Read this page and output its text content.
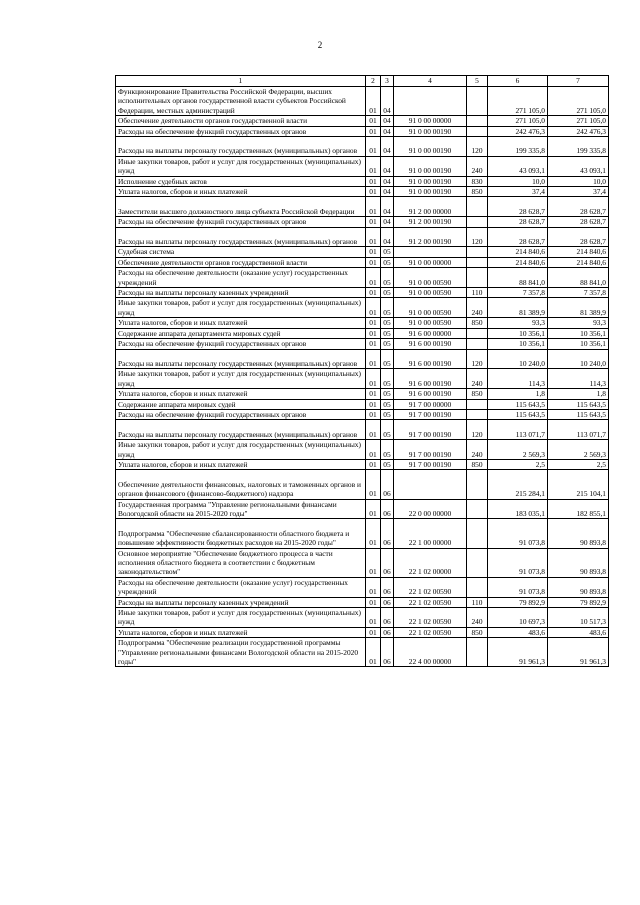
2
1	2	3	4	5	6	7
Функционирование Правительства Российской Федерации, высших исполнительных органов государственной власти субъектов Российской Федерации, местных администраций	01	04			271 105,0	271 105,0
Обеспечение деятельности органов государственной власти	01	04	91 0 00 00000		271 105,0	271 105,0
Расходы на обеспечение функций государственных органов	01	04	91 0 00 00190		242 476,3	242 476,3
Расходы на выплаты персоналу государственных (муниципальных) органов	01	04	91 0 00 00190	120	199 335,8	199 335,8
Иные закупки товаров, работ и услуг для государственных (муниципальных) нужд	01	04	91 0 00 00190	240	43 093,1	43 093,1
Исполнение судебных актов	01	04	91 0 00 00190	830	10,0	10,0
Уплата налогов, сборов и иных платежей	01	04	91 0 00 00190	850	37,4	37,4
Заместители высшего должностного лица субъекта Российской Федерации	01	04	91 2 00 00000		28 628,7	28 628,7
Расходы на обеспечение функций государственных органов	01	04	91 2 00 00190		28 628,7	28 628,7
Расходы на выплаты персоналу государственных (муниципальных) органов	01	04	91 2 00 00190	120	28 628,7	28 628,7
Судебная система	01	05			214 840,6	214 840,6
Обеспечение деятельности органов государственной власти	01	05	91 0 00 00000		214 840,6	214 840,6
Расходы на обеспечение деятельности (оказание услуг) государственных учреждений	01	05	91 0 00 00590		88 841,0	88 841,0
Расходы на выплаты персоналу казенных учреждений	01	05	91 0 00 00590	110	7 357,8	7 357,8
Иные закупки товаров, работ и услуг для государственных (муниципальных) нужд	01	05	91 0 00 00590	240	81 389,9	81 389,9
Уплата налогов, сборов и иных платежей	01	05	91 0 00 00590	850	93,3	93,3
Содержание аппарата департамента мировых судей	01	05	91 6 00 00000		10 356,1	10 356,1
Расходы на обеспечение функций государственных органов	01	05	91 6 00 00190		10 356,1	10 356,1
Расходы на выплаты персоналу государственных (муниципальных) органов	01	05	91 6 00 00190	120	10 240,0	10 240,0
Иные закупки товаров, работ и услуг для государственных (муниципальных) нужд	01	05	91 6 00 00190	240	114,3	114,3
Уплата налогов, сборов и иных платежей	01	05	91 6 00 00190	850	1,8	1,8
Содержание аппарата мировых судей	01	05	91 7 00 00000		115 643,5	115 643,5
Расходы на обеспечение функций государственных органов	01	05	91 7 00 00190		115 643,5	115 643,5
Расходы на выплаты персоналу государственных (муниципальных) органов	01	05	91 7 00 00190	120	113 071,7	113 071,7
Иные закупки товаров, работ и услуг для государственных (муниципальных) нужд	01	05	91 7 00 00190	240	2 569,3	2 569,3
Уплата налогов, сборов и иных платежей	01	05	91 7 00 00190	850	2,5	2,5
Обеспечение деятельности финансовых, налоговых и таможенных органов и органов финансового (финансово-бюджетного) надзора	01	06			215 284,1	215 104,1
Государственная программа "Управление региональными финансами Вологодской области на 2015-2020 годы"	01	06	22 0 00 00000		183 035,1	182 855,1
Подпрограмма "Обеспечение сбалансированности областного бюджета и повышение эффективности бюджетных расходов на 2015-2020 годы"	01	06	22 1 00 00000		91 073,8	90 893,8
Основное мероприятие "Обеспечение бюджетного процесса в части исполнения областного бюджета в соответствии с бюджетным законодательством"	01	06	22 1 02 00000		91 073,8	90 893,8
Расходы на обеспечение деятельности (оказание услуг) государственных учреждений	01	06	22 1 02 00590		91 073,8	90 893,8
Расходы на выплаты персоналу казенных учреждений	01	06	22 1 02 00590	110	79 892,9	79 892,9
Иные закупки товаров, работ и услуг для государственных (муниципальных) нужд	01	06	22 1 02 00590	240	10 697,3	10 517,3
Уплата налогов, сборов и иных платежей	01	06	22 1 02 00590	850	483,6	483,6
Подпрограмма "Обеспечение реализации государственной программы "Управление региональными финансами Вологодской области на 2015-2020 годы"	01	06	22 4 00 00000		91 961,3	91 961,3
